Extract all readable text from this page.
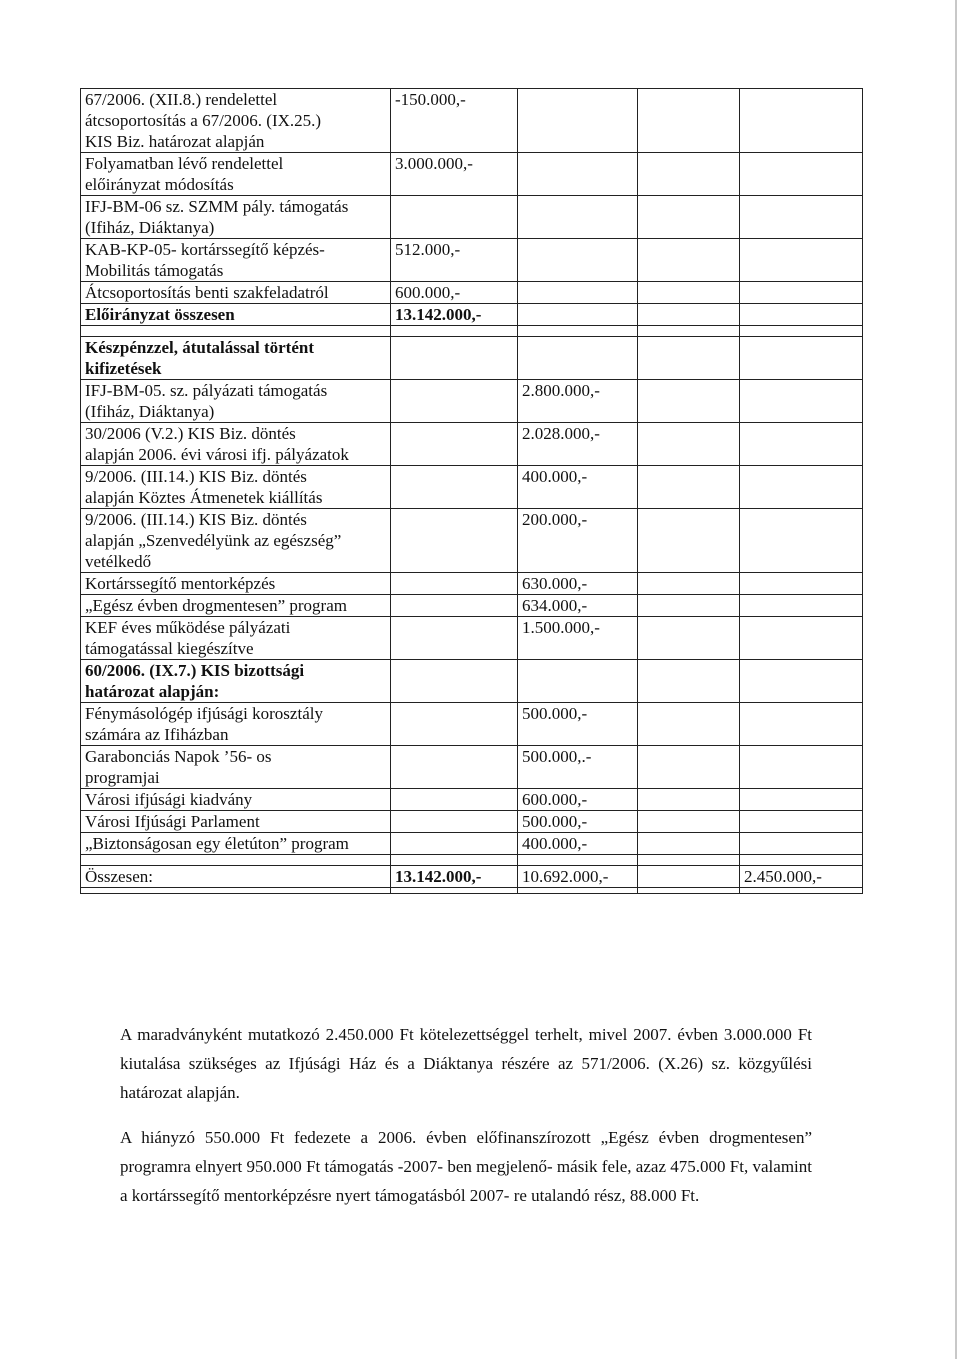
67/2006. (XII.8.) rendelettel
átcsoportosítás a 67/2006. (IX.25.)
KIS Biz. határozat alapján	-150.000,-			

Folyamatban lévő rendelettel
előirányzat módosítás	3.000.000,-			

IFJ-BM-06 sz. SZMM pály. támogatás
(Ifiház, Diáktanya)				

KAB-KP-05- kortárssegítő képzés-
Mobilitás támogatás	512.000,-			

Átcsoportosítás benti szakfeladatról	600.000,-			
Előirányzat összesen	13.142.000,-			

Készpénzzel, átutalással történt
kifizetések				

IFJ-BM-05. sz. pályázati támogatás
(Ifiház, Diáktanya)		2.800.000,-		

30/2006 (V.2.) KIS Biz. döntés
alapján 2006. évi városi ifj. pályázatok		2.028.000,-		

9/2006. (III.14.) KIS Biz. döntés
alapján Köztes Átmenetek kiállítás		400.000,-		

9/2006. (III.14.) KIS Biz. döntés
alapján „Szenvedélyünk az egészség”
vetélkedő		200.000,-		

Kortárssegítő mentorképzés		630.000,-		

„Egész évben drogmentesen” program		634.000,-		

KEF éves működése pályázati
támogatással kiegészítve		1.500.000,-		

60/2006. (IX.7.) KIS bizottsági
határozat alapján:				

Fénymásológép ifjúsági korosztály
számára az Ifiházban		500.000,-		

Garabonciás Napok ’56- os
programjai		500.000,.-		

Városi ifjúsági kiadvány		600.000,-		

Városi Ifjúsági Parlament		500.000,-		

„Biztonságosan egy életúton” program		400.000,-		

Összesen:	13.142.000,-	10.692.000,-		2.450.000,-

A maradványként mutatkozó 2.450.000 Ft kötelezettséggel terhelt, mivel 2007. évben 3.000.000 Ft kiutalása szükséges az Ifjúsági Ház és a Diáktanya részére az 571/2006. (X.26) sz. közgyűlési határozat alapján.

A hiányzó 550.000 Ft fedezete a 2006. évben előfinanszírozott „Egész évben drogmentesen” programra elnyert 950.000 Ft támogatás -2007- ben megjelenő- másik fele, azaz 475.000 Ft, valamint a kortárssegítő mentorképzésre nyert támogatásból 2007- re utalandó rész, 88.000 Ft.
